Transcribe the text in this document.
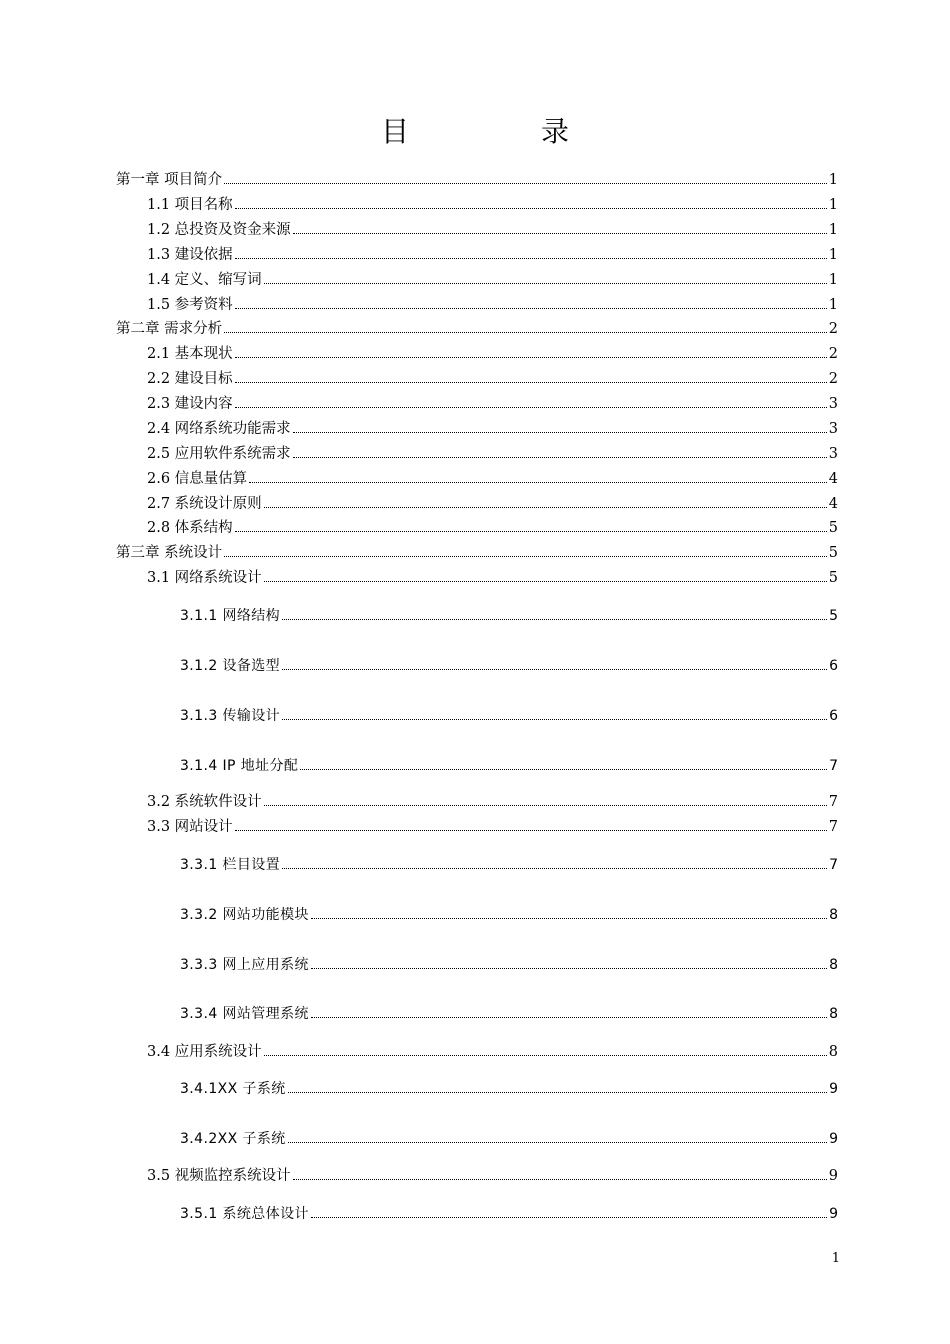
目　录
第一章 项目简介	1
1.1 项目名称	1
1.2 总投资及资金来源	1
1.3 建设依据	1
1.4 定义、缩写词	1
1.5 参考资料	1
第二章 需求分析	2
2.1 基本现状	2
2.2 建设目标	2
2.3 建设内容	3
2.4 网络系统功能需求	3
2.5 应用软件系统需求	3
2.6 信息量估算	4
2.7 系统设计原则	4
2.8 体系结构	5
第三章 系统设计	5
3.1 网络系统设计	5
3.1.1 网络结构	5
3.1.2 设备选型	6
3.1.3 传输设计	6
3.1.4 IP 地址分配	7
3.2 系统软件设计	7
3.3 网站设计	7
3.3.1 栏目设置	7
3.3.2 网站功能模块	8
3.3.3 网上应用系统	8
3.3.4 网站管理系统	8
3.4 应用系统设计	8
3.4.1XX 子系统	9
3.4.2XX 子系统	9
3.5 视频监控系统设计	9
3.5.1 系统总体设计	9
1
